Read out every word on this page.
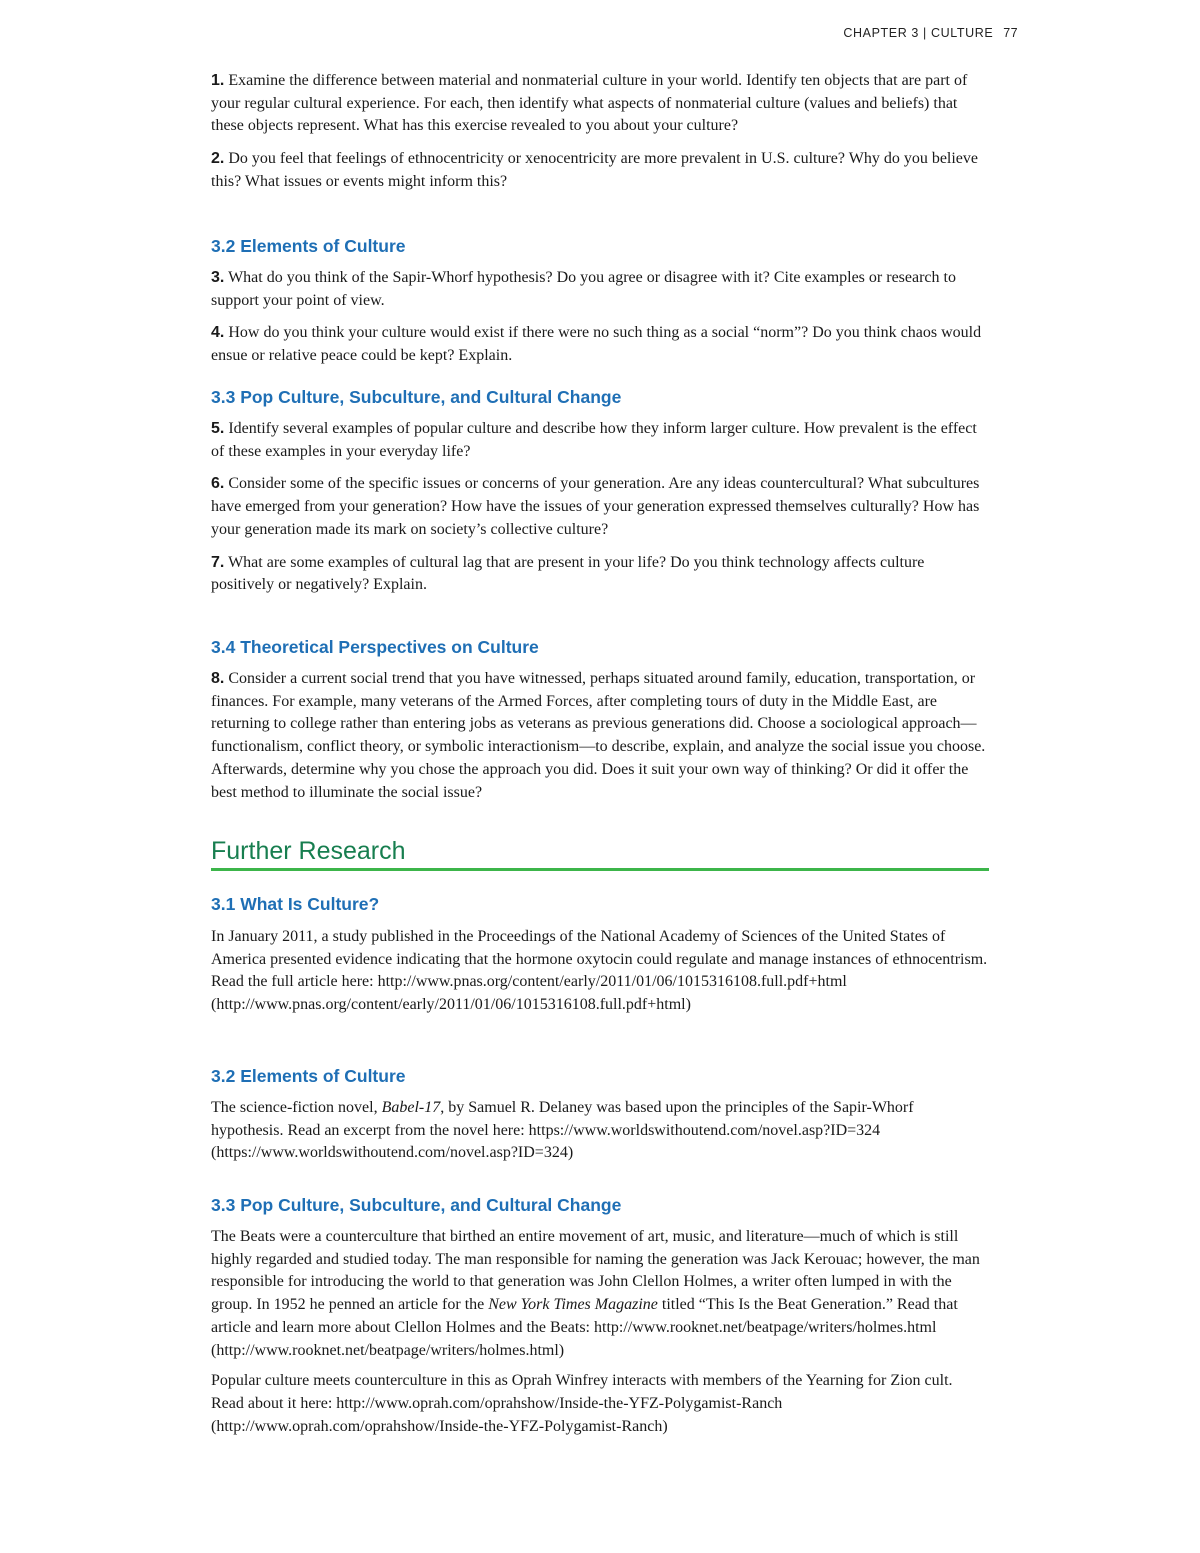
CHAPTER 3 | CULTURE 77

1. Examine the difference between material and nonmaterial culture in your world. Identify ten objects that are part of your regular cultural experience. For each, then identify what aspects of nonmaterial culture (values and beliefs) that these objects represent. What has this exercise revealed to you about your culture?

2. Do you feel that feelings of ethnocentricity or xenocentricity are more prevalent in U.S. culture? Why do you believe this? What issues or events might inform this?

3.2 Elements of Culture

3. What do you think of the Sapir-Whorf hypothesis? Do you agree or disagree with it? Cite examples or research to support your point of view.

4. How do you think your culture would exist if there were no such thing as a social “norm”? Do you think chaos would ensue or relative peace could be kept? Explain.

3.3 Pop Culture, Subculture, and Cultural Change

5. Identify several examples of popular culture and describe how they inform larger culture. How prevalent is the effect of these examples in your everyday life?

6. Consider some of the specific issues or concerns of your generation. Are any ideas countercultural? What subcultures have emerged from your generation? How have the issues of your generation expressed themselves culturally? How has your generation made its mark on society’s collective culture?

7. What are some examples of cultural lag that are present in your life? Do you think technology affects culture positively or negatively? Explain.

3.4 Theoretical Perspectives on Culture

8. Consider a current social trend that you have witnessed, perhaps situated around family, education, transportation, or finances. For example, many veterans of the Armed Forces, after completing tours of duty in the Middle East, are returning to college rather than entering jobs as veterans as previous generations did. Choose a sociological approach—functionalism, conflict theory, or symbolic interactionism—to describe, explain, and analyze the social issue you choose. Afterwards, determine why you chose the approach you did. Does it suit your own way of thinking? Or did it offer the best method to illuminate the social issue?

Further Research
3.1 What Is Culture?

In January 2011, a study published in the Proceedings of the National Academy of Sciences of the United States of America presented evidence indicating that the hormone oxytocin could regulate and manage instances of ethnocentrism. Read the full article here: http://www.pnas.org/content/early/2011/01/06/1015316108.full.pdf+html (http://www.pnas.org/content/early/2011/01/06/1015316108.full.pdf+html)

3.2 Elements of Culture

The science-fiction novel, Babel-17, by Samuel R. Delaney was based upon the principles of the Sapir-Whorf hypothesis. Read an excerpt from the novel here: https://www.worldswithoutend.com/novel.asp?ID=324 (https://www.worldswithoutend.com/novel.asp?ID=324)

3.3 Pop Culture, Subculture, and Cultural Change

The Beats were a counterculture that birthed an entire movement of art, music, and literature—much of which is still highly regarded and studied today. The man responsible for naming the generation was Jack Kerouac; however, the man responsible for introducing the world to that generation was John Clellon Holmes, a writer often lumped in with the group. In 1952 he penned an article for the New York Times Magazine titled “This Is the Beat Generation.” Read that article and learn more about Clellon Holmes and the Beats: http://www.rooknet.net/beatpage/writers/holmes.html (http://www.rooknet.net/beatpage/writers/holmes.html)

Popular culture meets counterculture in this as Oprah Winfrey interacts with members of the Yearning for Zion cult. Read about it here: http://www.oprah.com/oprahshow/Inside-the-YFZ-Polygamist-Ranch (http://www.oprah.com/oprahshow/Inside-the-YFZ-Polygamist-Ranch)
